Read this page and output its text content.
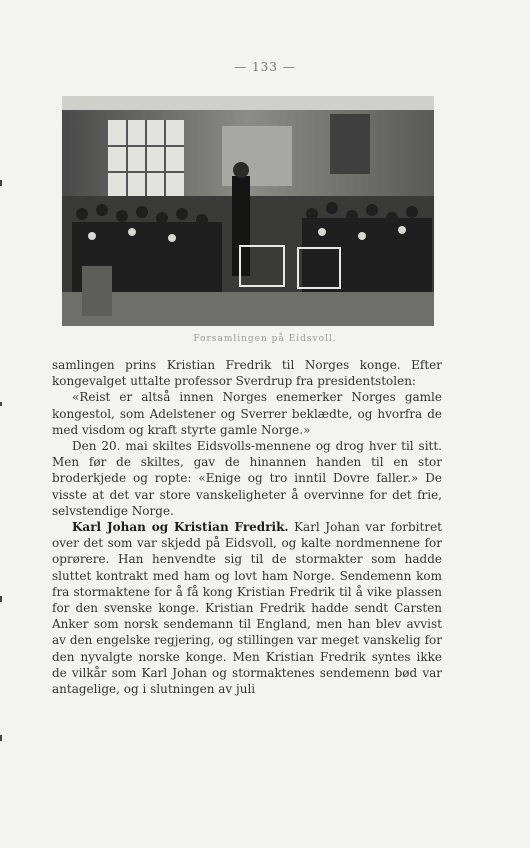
— 133 —
Forsamlingen på Eidsvoll.

samlingen prins Kristian Fredrik til Norges konge. Efter kongevalget uttalte professor Sverdrup fra presidentstolen:

«Reist er altså innen Norges enemerker Norges gamle kongestol, som Adelstener og Sverrer beklædte, og hvorfra de med visdom og kraft styrte gamle Norge.»

Den 20. mai skiltes Eidsvolls-mennene og drog hver til sitt. Men før de skiltes, gav de hinannen handen til en stor broderkjede og ropte: «Enige og tro inntil Dovre faller.» De visste at det var store vanskeligheter å overvinne for det frie, selvstendige Norge.

Karl Johan og Kristian Fredrik. Karl Johan var forbitret over det som var skjedd på Eidsvoll, og kalte nordmennene for oprørere. Han henvendte sig til de stormakter som hadde sluttet kontrakt med ham og lovt ham Norge. Sendemenn kom fra stormaktene for å få kong Kristian Fredrik til å vike plassen for den svenske konge. Kristian Fredrik hadde sendt Carsten Anker som norsk sendemann til England, men han blev avvist av den engelske regjering, og stillingen var meget vanskelig for den nyvalgte norske konge. Men Kristian Fredrik syntes ikke de vilkår som Karl Johan og stormaktenes sendemenn bød var antagelige, og i slutningen av juli
